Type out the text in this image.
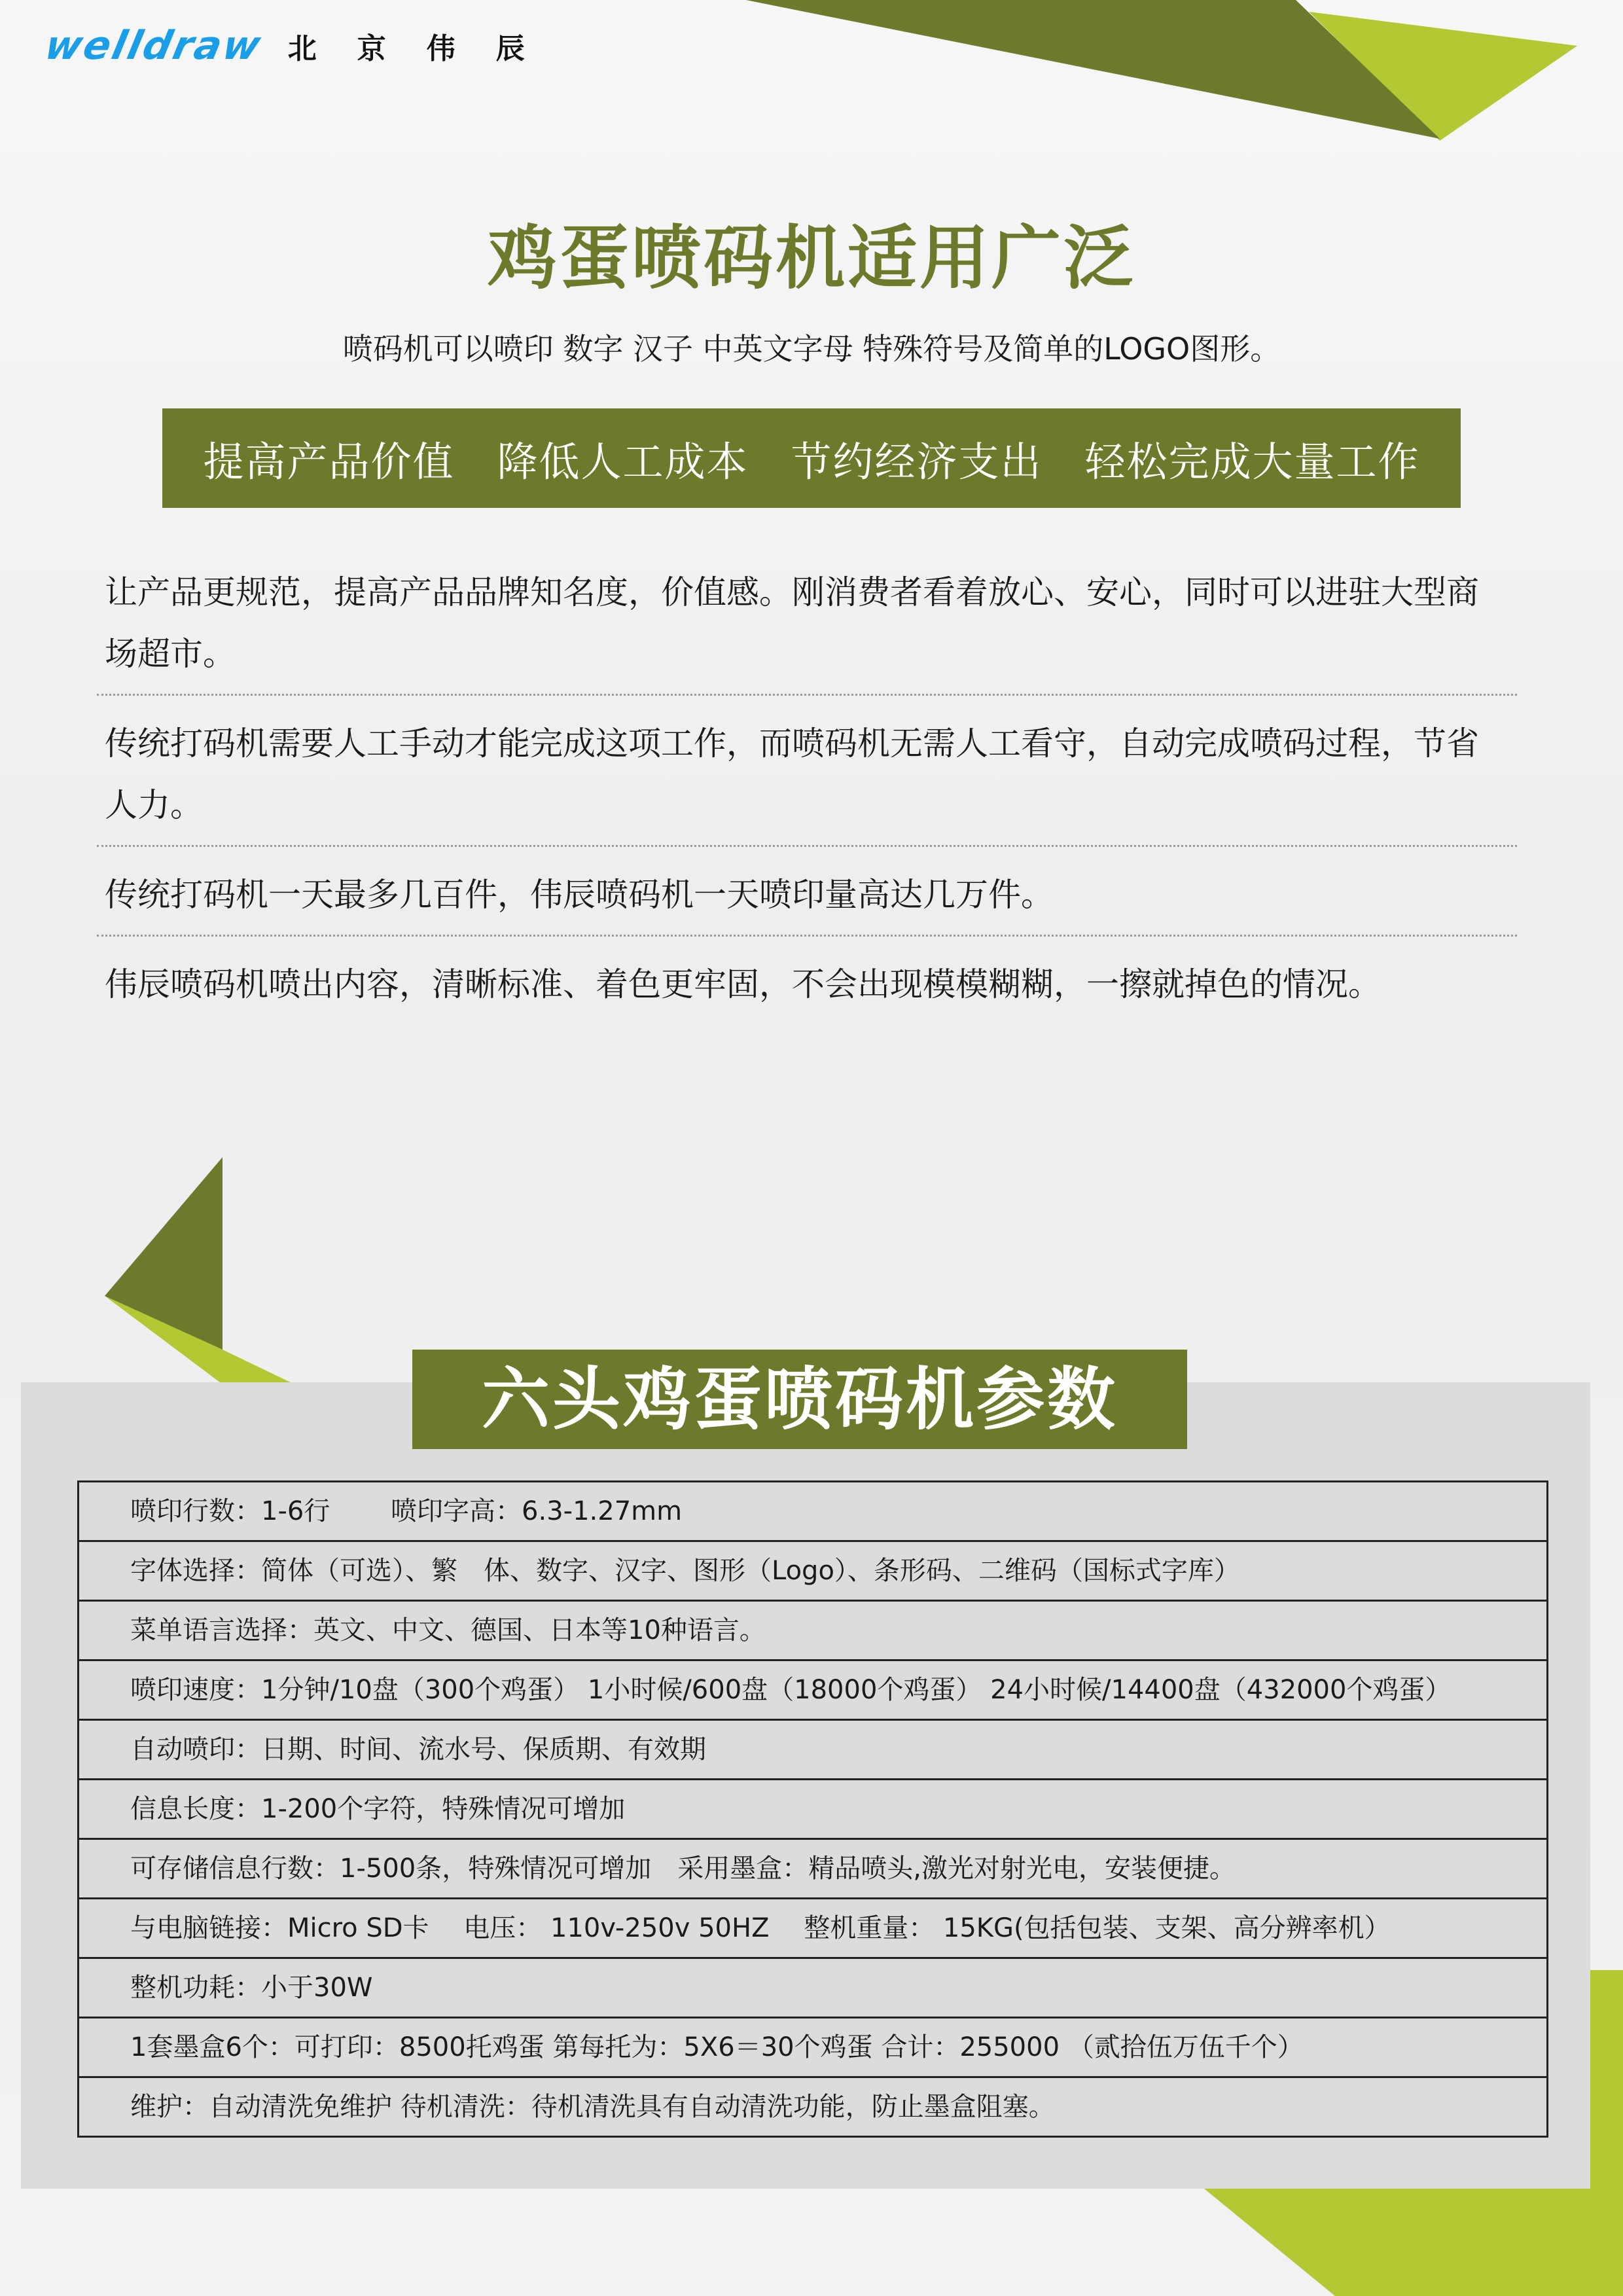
welldraw 北京伟辰
鸡蛋喷码机适用广泛
喷码机可以喷印 数字 汉子 中英文字母 特殊符号及简单的LOGO图形。
提高产品价值 降低人工成本 节约经济支出 轻松完成大量工作

让产品更规范，提高产品品牌知名度，价值感。刚消费者看着放心、安心，同时可以进驻大型商场超市。

传统打码机需要人工手动才能完成这项工作，而喷码机无需人工看守，自动完成喷码过程，节省人力。

传统打码机一天最多几百件，伟辰喷码机一天喷印量高达几万件。

伟辰喷码机喷出内容，清晰标准、着色更牢固，不会出现模模糊糊，一擦就掉色的情况。

六头鸡蛋喷码机参数
喷印行数：1-6行　　 喷印字高：6.3-1.27mm
字体选择：简体（可选）、繁　体、数字、汉字、图形（Logo）、条形码、二维码（国标式字库）
菜单语言选择：英文、中文、德国、日本等10种语言。
喷印速度：1分钟/10盘（300个鸡蛋） 1小时候/600盘（18000个鸡蛋） 24小时候/14400盘（432000个鸡蛋）
自动喷印：日期、时间、流水号、保质期、有效期
信息长度：1-200个字符，特殊情况可增加
可存储信息行数：1-500条，特殊情况可增加　采用墨盒：精品喷头,激光对射光电，安装便捷。
与电脑链接：Micro SD卡　 电压： 110v-250v 50HZ　 整机重量： 15KG(包括包装、支架、高分辨率机）
整机功耗：小于30W
1套墨盒6个：可打印：8500托鸡蛋 第每托为：5X6＝30个鸡蛋 合计：255000 （贰拾伍万伍千个）
维护：自动清洗免维护 待机清洗：待机清洗具有自动清洗功能，防止墨盒阻塞。
